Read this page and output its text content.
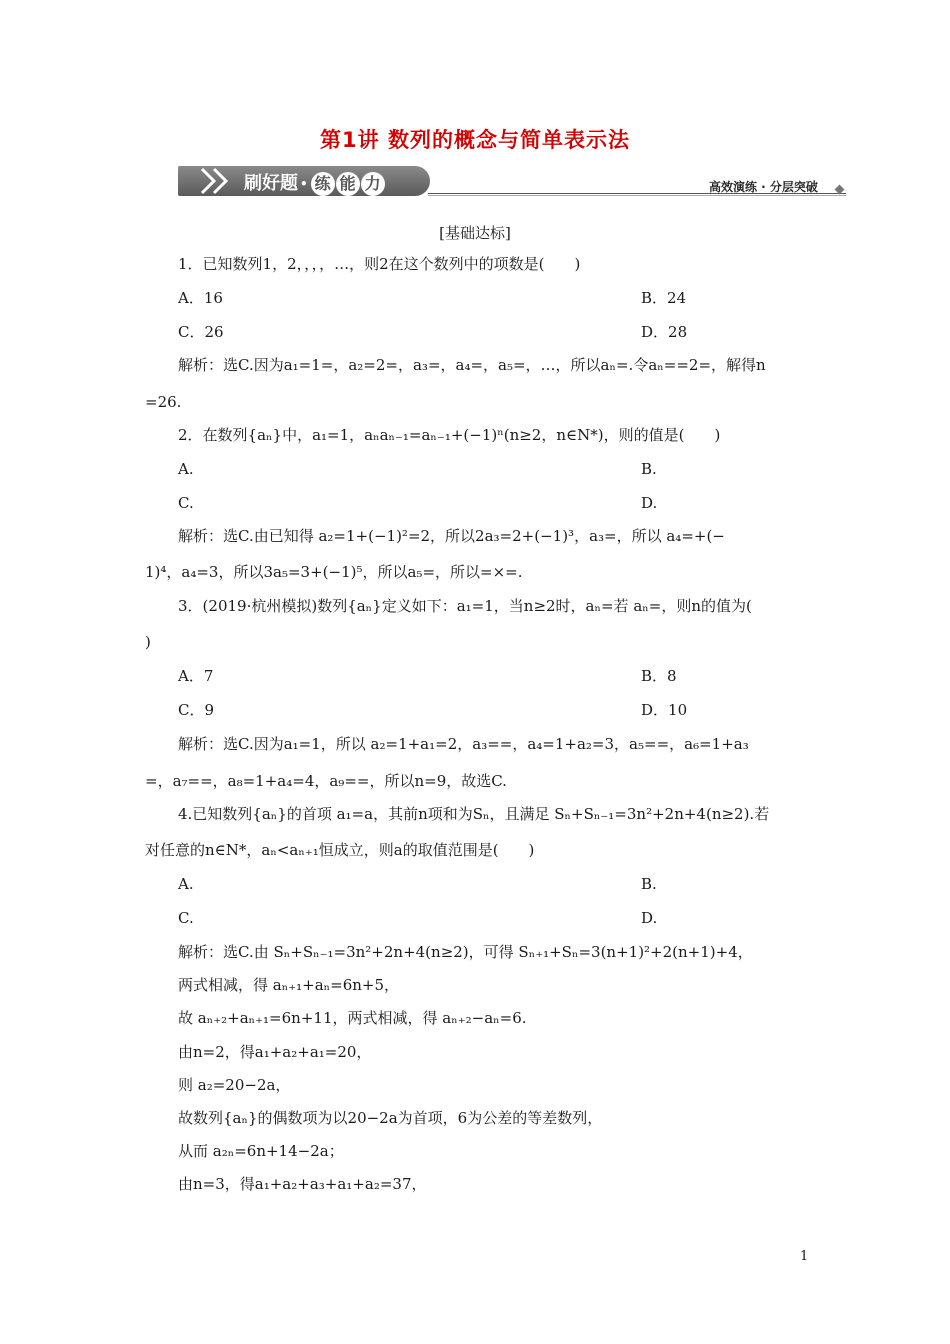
第1讲 数列的概念与简单表示法
刷好题 • 练 能 力	高效演练 · 分层突破
[基础达标]
1．已知数列1，2，，，，…，则2在这个数列中的项数是(　　)
A．16	B．24
C．26	D．28
解析：选C.因为a₁=1=，a₂=2=，a₃=，a₄=，a₅=，…，所以aₙ=.令aₙ==2=，解得n
=26.
2．在数列{aₙ}中，a₁=1，aₙaₙ₋₁=aₙ₋₁+(−1)ⁿ(n≥2，n∈N*)，则的值是(　　)
A.	B.
C.	D.
解析：选C.由已知得 a₂=1+(−1)²=2，所以2a₃=2+(−1)³，a₃=，所以 a₄=+(−
1)⁴，a₄=3，所以3a₅=3+(−1)⁵，所以a₅=，所以=×=.
3．(2019·杭州模拟)数列{aₙ}定义如下：a₁=1，当n≥2时，aₙ=若 aₙ=，则n的值为(
)
A．7	B．8
C．9	D．10
解析：选C.因为a₁=1，所以 a₂=1+a₁=2，a₃==，a₄=1+a₂=3，a₅==，a₆=1+a₃
=，a₇==，a₈=1+a₄=4，a₉==，所以n=9，故选C.
4.已知数列{aₙ}的首项 a₁=a，其前n项和为Sₙ，且满足 Sₙ+Sₙ₋₁=3n²+2n+4(n≥2).若
对任意的n∈N*，aₙ<aₙ₊₁恒成立，则a的取值范围是(　　)
A.	B.
C.	D.
解析：选C.由 Sₙ+Sₙ₋₁=3n²+2n+4(n≥2)，可得 Sₙ₊₁+Sₙ=3(n+1)²+2(n+1)+4，
两式相减，得 aₙ₊₁+aₙ=6n+5，
故 aₙ₊₂+aₙ₊₁=6n+11，两式相减，得 aₙ₊₂−aₙ=6.
由n=2，得a₁+a₂+a₁=20，
则 a₂=20−2a，
故数列{aₙ}的偶数项为以20−2a为首项，6为公差的等差数列，
从而 a₂ₙ=6n+14−2a；
由n=3，得a₁+a₂+a₃+a₁+a₂=37，
1
